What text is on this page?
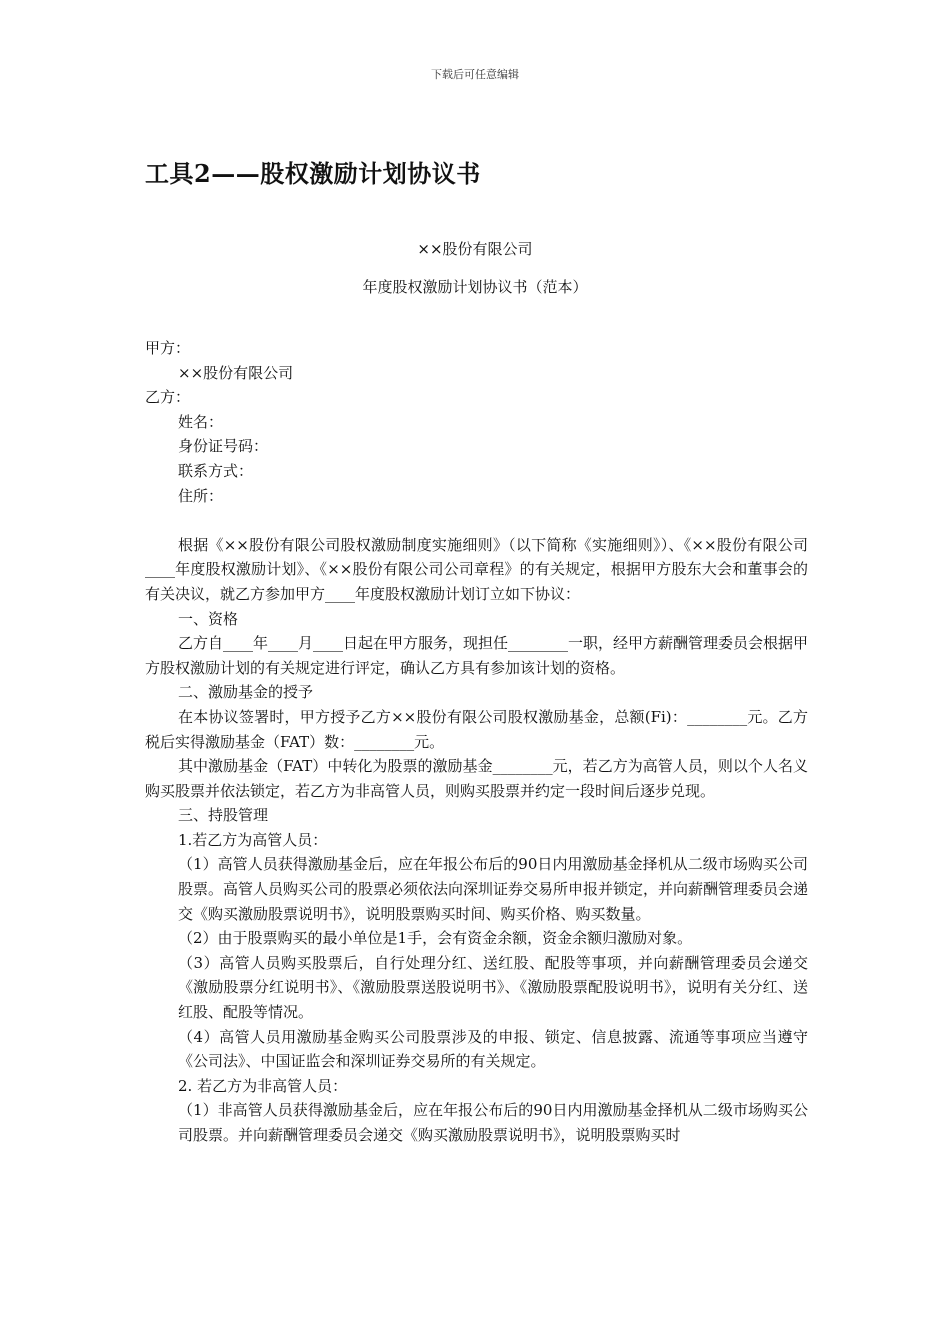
下载后可任意编辑
工具2——股权激励计划协议书
××股份有限公司
年度股权激励计划协议书（范本）

甲方：

××股份有限公司

乙方：

姓名：

身份证号码：

联系方式：

住所：

根据《××股份有限公司股权激励制度实施细则》（以下简称《实施细则》）、《××股份有限公司____年度股权激励计划》、《××股份有限公司公司章程》的有关规定，根据甲方股东大会和董事会的有关决议，就乙方参加甲方____年度股权激励计划订立如下协议：

一、资格

乙方自____年____月____日起在甲方服务，现担任________一职，经甲方薪酬管理委员会根据甲方股权激励计划的有关规定进行评定，确认乙方具有参加该计划的资格。

二、激励基金的授予

在本协议签署时，甲方授予乙方××股份有限公司股权激励基金，总额(Fi)：________元。乙方税后实得激励基金（FAT）数：________元。

其中激励基金（FAT）中转化为股票的激励基金________元，若乙方为高管人员，则以个人名义购买股票并依法锁定，若乙方为非高管人员，则购买股票并约定一段时间后逐步兑现。

三、持股管理

1.若乙方为高管人员：

（1）高管人员获得激励基金后，应在年报公布后的90日内用激励基金择机从二级市场购买公司股票。高管人员购买公司的股票必须依法向深圳证券交易所申报并锁定，并向薪酬管理委员会递交《购买激励股票说明书》，说明股票购买时间、购买价格、购买数量。

（2）由于股票购买的最小单位是1手，会有资金余额，资金余额归激励对象。

（3）高管人员购买股票后，自行处理分红、送红股、配股等事项，并向薪酬管理委员会递交《激励股票分红说明书》、《激励股票送股说明书》、《激励股票配股说明书》，说明有关分红、送红股、配股等情况。

（4）高管人员用激励基金购买公司股票涉及的申报、锁定、信息披露、流通等事项应当遵守《公司法》、中国证监会和深圳证券交易所的有关规定。

2. 若乙方为非高管人员：

（1）非高管人员获得激励基金后，应在年报公布后的90日内用激励基金择机从二级市场购买公司股票。并向薪酬管理委员会递交《购买激励股票说明书》，说明股票购买时
